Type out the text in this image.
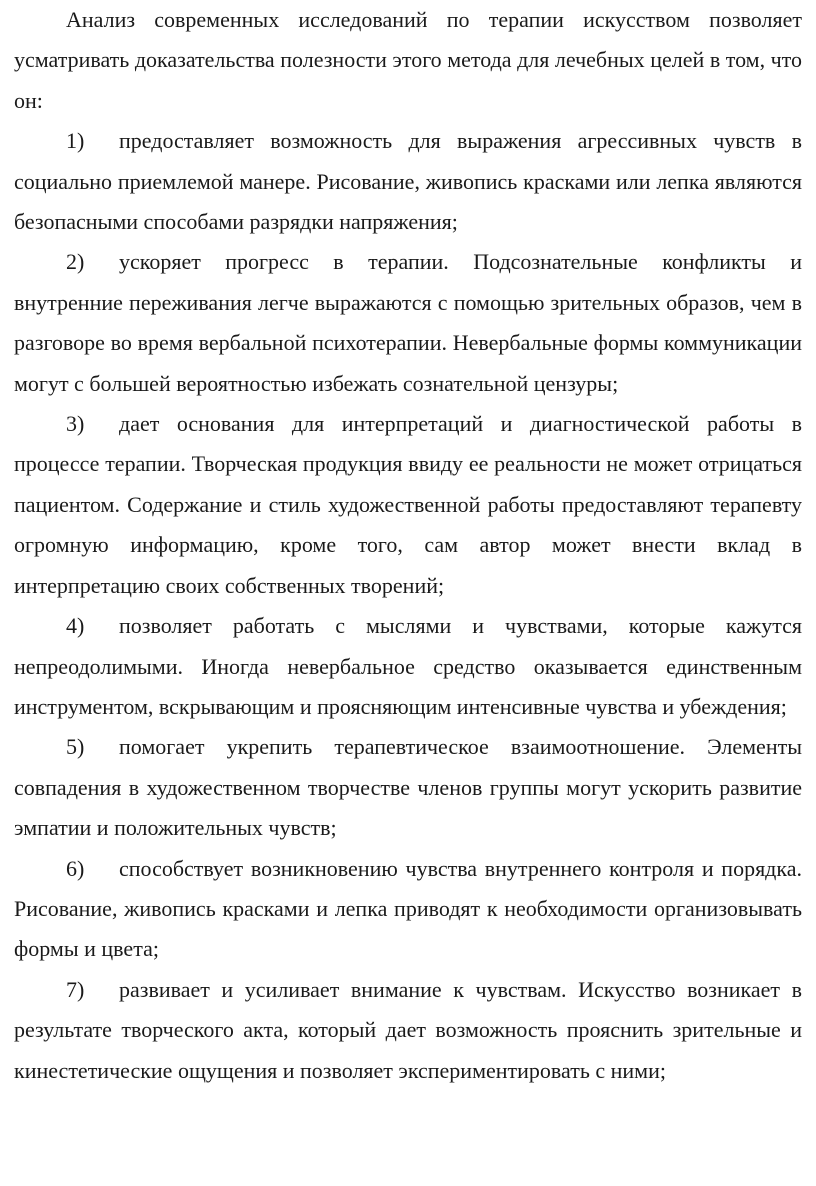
Анализ современных исследований по терапии искусством позволяет усматривать доказательства полезности этого метода для лечебных целей в том, что он:

1) предоставляет возможность для выражения агрессивных чувств в социально приемлемой манере. Рисование, живопись красками или лепка являются безопасными способами разрядки напряжения;

2) ускоряет прогресс в терапии. Подсознательные конфликты и внутренние переживания легче выражаются с помощью зрительных образов, чем в разговоре во время вербальной психотерапии. Невербальные формы коммуникации могут с большей вероятностью избежать сознательной цензуры;

3) дает основания для интерпретаций и диагностической работы в процессе терапии. Творческая продукция ввиду ее реальности не может отрицаться пациентом. Содержание и стиль художественной работы предоставляют терапевту огромную информацию, кроме того, сам автор может внести вклад в интерпретацию своих собственных творений;

4) позволяет работать с мыслями и чувствами, которые кажутся непреодолимыми. Иногда невербальное средство оказывается единственным инструментом, вскрывающим и проясняющим интенсивные чувства и убеждения;

5) помогает укрепить терапевтическое взаимоотношение. Элементы совпадения в художественном творчестве членов группы могут ускорить развитие эмпатии и положительных чувств;

6) способствует возникновению чувства внутреннего контроля и порядка. Рисование, живопись красками и лепка приводят к необходимости организовывать формы и цвета;

7) развивает и усиливает внимание к чувствам. Искусство возникает в результате творческого акта, который дает возможность прояснить зрительные и кинестетические ощущения и позволяет экспериментировать с ними;
